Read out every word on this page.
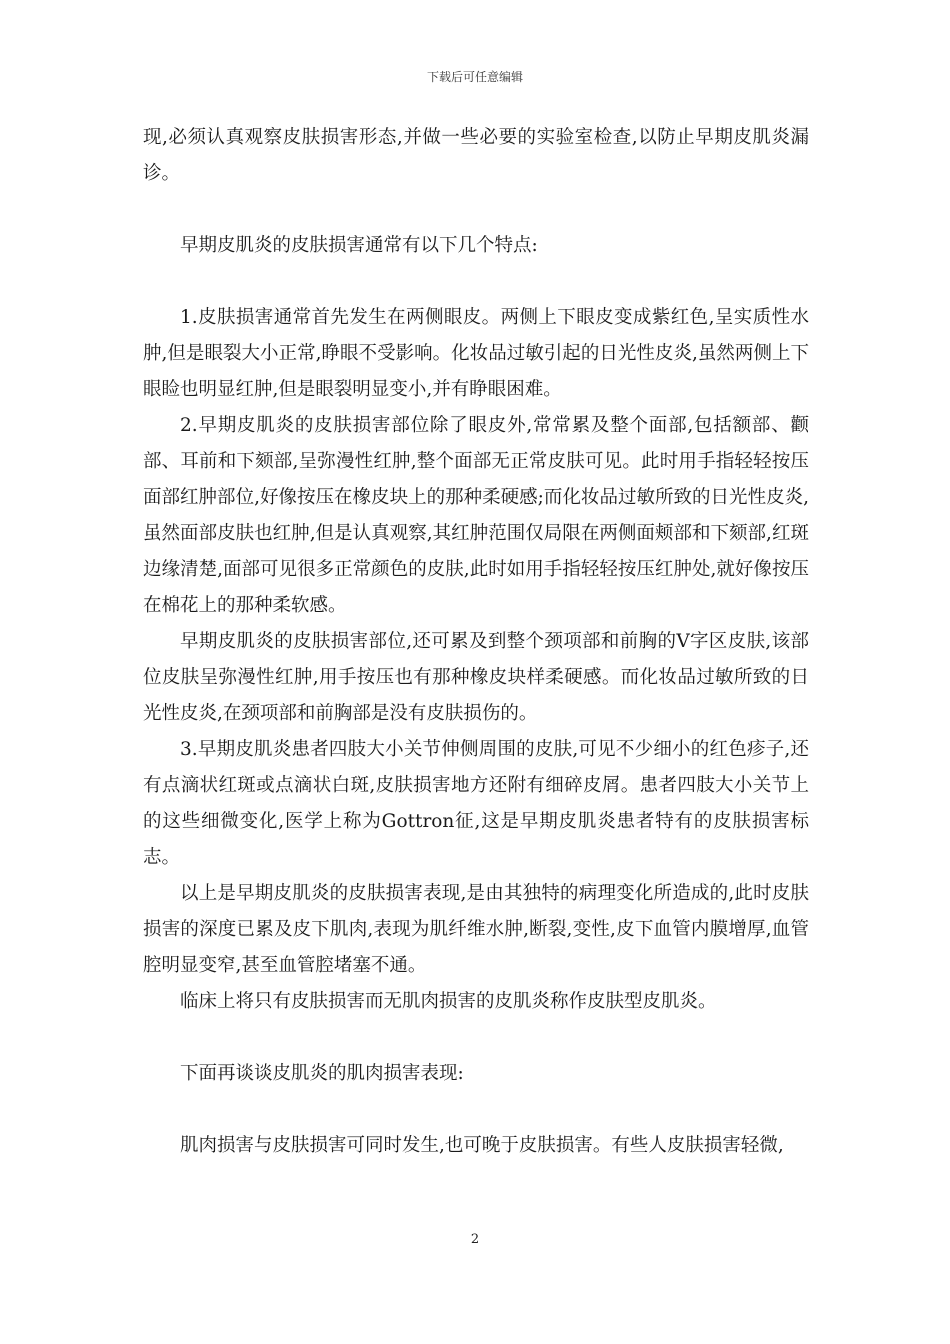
下载后可任意编辑

现,必须认真观察皮肤损害形态,并做一些必要的实验室检查,以防止早期皮肌炎漏诊。

早期皮肌炎的皮肤损害通常有以下几个特点:

1.皮肤损害通常首先发生在两侧眼皮。两侧上下眼皮变成紫红色,呈实质性水肿,但是眼裂大小正常,睁眼不受影响。化妆品过敏引起的日光性皮炎,虽然两侧上下眼睑也明显红肿,但是眼裂明显变小,并有睁眼困难。

2.早期皮肌炎的皮肤损害部位除了眼皮外,常常累及整个面部,包括额部、颧部、耳前和下颏部,呈弥漫性红肿,整个面部无正常皮肤可见。此时用手指轻轻按压面部红肿部位,好像按压在橡皮块上的那种柔硬感;而化妆品过敏所致的日光性皮炎,虽然面部皮肤也红肿,但是认真观察,其红肿范围仅局限在两侧面颊部和下颏部,红斑边缘清楚,面部可见很多正常颜色的皮肤,此时如用手指轻轻按压红肿处,就好像按压在棉花上的那种柔软感。

早期皮肌炎的皮肤损害部位,还可累及到整个颈项部和前胸的V字区皮肤,该部位皮肤呈弥漫性红肿,用手按压也有那种橡皮块样柔硬感。而化妆品过敏所致的日光性皮炎,在颈项部和前胸部是没有皮肤损伤的。

3.早期皮肌炎患者四肢大小关节伸侧周围的皮肤,可见不少细小的红色疹子,还有点滴状红斑或点滴状白斑,皮肤损害地方还附有细碎皮屑。患者四肢大小关节上的这些细微变化,医学上称为Gottron征,这是早期皮肌炎患者特有的皮肤损害标志。

以上是早期皮肌炎的皮肤损害表现,是由其独特的病理变化所造成的,此时皮肤损害的深度已累及皮下肌肉,表现为肌纤维水肿,断裂,变性,皮下血管内膜增厚,血管腔明显变窄,甚至血管腔堵塞不通。

临床上将只有皮肤损害而无肌肉损害的皮肌炎称作皮肤型皮肌炎。

下面再谈谈皮肌炎的肌肉损害表现:

肌肉损害与皮肤损害可同时发生,也可晚于皮肤损害。有些人皮肤损害轻微,

2
